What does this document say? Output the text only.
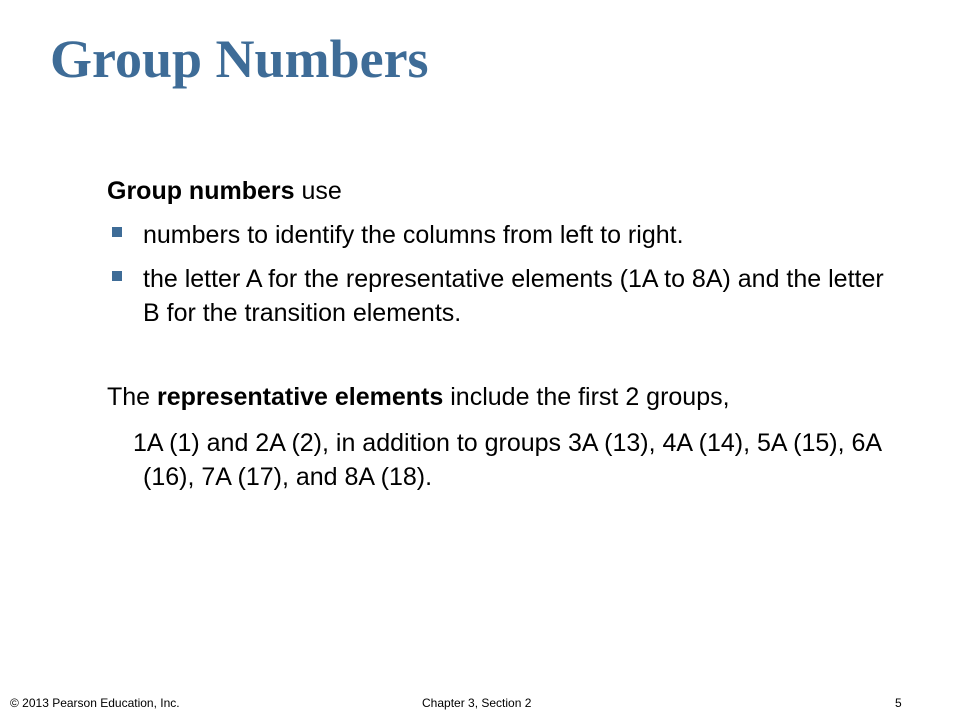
Group Numbers

Group numbers use

numbers to identify the columns from left to right.
the letter A for the representative elements (1A to 8A) and the letter B for the transition elements.

The representative elements include the first 2 groups,

1A (1) and 2A (2), in addition to groups 3A (13), 4A (14), 5A (15), 6A (16), 7A (17), and 8A (18).

© 2013 Pearson Education, Inc.	Chapter 3, Section 2	5
